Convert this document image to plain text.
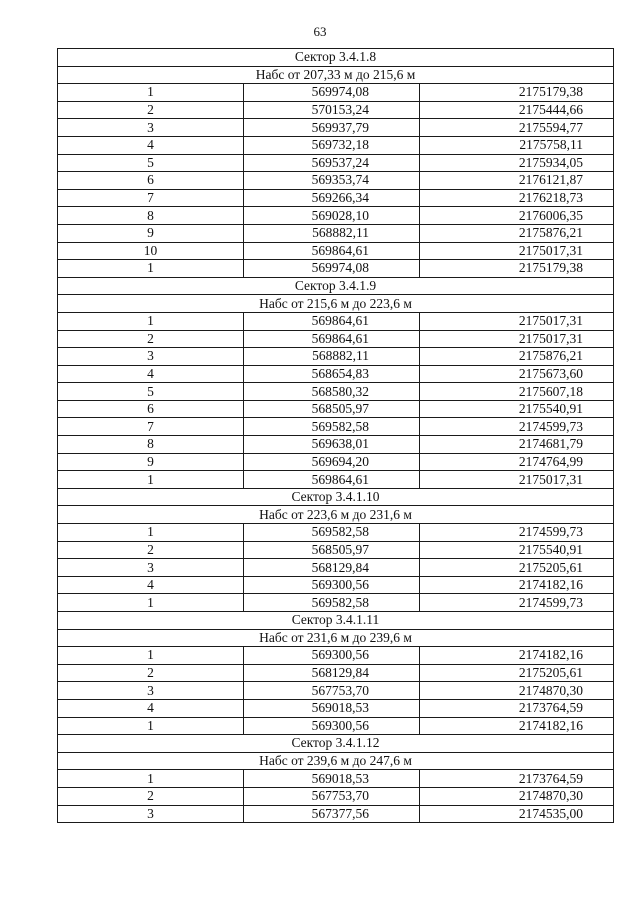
63
Сектор 3.4.1.8		
Набс от 207,33 м до 215,6 м		
1	569974,08	2175179,38
2	570153,24	2175444,66
3	569937,79	2175594,77
4	569732,18	2175758,11
5	569537,24	2175934,05
6	569353,74	2176121,87
7	569266,34	2176218,73
8	569028,10	2176006,35
9	568882,11	2175876,21
10	569864,61	2175017,31
1	569974,08	2175179,38
Сектор 3.4.1.9		
Набс от 215,6 м до 223,6 м		
1	569864,61	2175017,31
2	569864,61	2175017,31
3	568882,11	2175876,21
4	568654,83	2175673,60
5	568580,32	2175607,18
6	568505,97	2175540,91
7	569582,58	2174599,73
8	569638,01	2174681,79
9	569694,20	2174764,99
1	569864,61	2175017,31
Сектор 3.4.1.10		
Набс от 223,6 м до 231,6 м		
1	569582,58	2174599,73
2	568505,97	2175540,91
3	568129,84	2175205,61
4	569300,56	2174182,16
1	569582,58	2174599,73
Сектор 3.4.1.11		
Набс от 231,6 м до 239,6 м		
1	569300,56	2174182,16
2	568129,84	2175205,61
3	567753,70	2174870,30
4	569018,53	2173764,59
1	569300,56	2174182,16
Сектор 3.4.1.12		
Набс от 239,6 м до 247,6 м		
1	569018,53	2173764,59
2	567753,70	2174870,30
3	567377,56	2174535,00
